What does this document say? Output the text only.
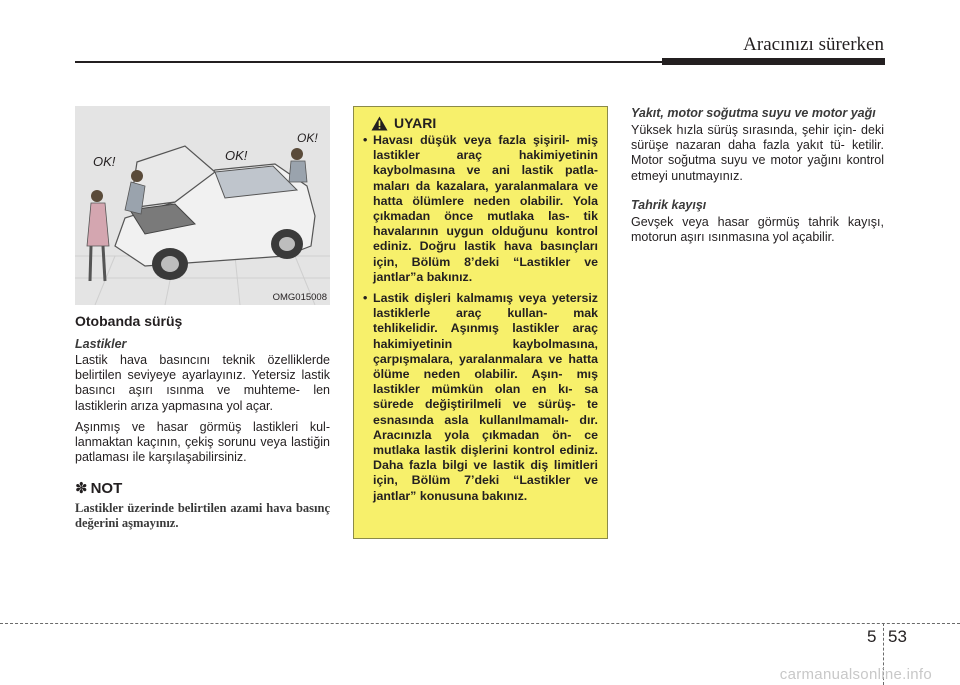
Aracınızı sürerken
OK!	OK!
OK!
OMG015008
Otobanda sürüş
Lastikler

Lastik hava basıncını teknik özelliklerde belirtilen seviyeye ayarlayınız. Yetersiz lastik basıncı aşırı ısınma ve muhteme- len lastiklerin arıza yapmasına yol açar.

Aşınmış ve hasar görmüş lastikleri kul- lanmaktan kaçının, çekiş sorunu veya lastiğin patlaması ile karşılaşabilirsiniz.

✽ NOT

Lastikler üzerinde belirtilen azami hava basınç değerini aşmayınız.

UYARI
• Havası düşük veya fazla şişiril- miş lastikler araç hakimiyetinin kaybolmasına ve ani lastik patla- maları da kazalara, yaralanmalara ve hatta ölümlere neden olabilir. Yola çıkmadan önce mutlaka las- tik havalarının uygun olduğunu kontrol ediniz. Doğru lastik hava basınçları için, Bölüm 8’deki “Lastikler ve jantlar”a bakınız.
• Lastik dişleri kalmamış veya yetersiz lastiklerle araç kullan- mak tehlikelidir. Aşınmış lastikler araç hakimiyetinin kaybolmasına, çarpışmalara, yaralanmalara ve hatta ölüme neden olabilir. Aşın- mış lastikler mümkün olan en kı- sa sürede değiştirilmeli ve sürüş- te esnasında asla kullanılmamalı- dır. Aracınızla yola çıkmadan ön- ce mutlaka lastik dişlerini kontrol ediniz. Daha fazla bilgi ve lastik diş limitleri için, Bölüm 7’deki “Lastikler ve jantlar” konusuna bakınız.
Yakıt, motor soğutma suyu ve motor yağı

Yüksek hızla sürüş sırasında, şehir için- deki sürüşe nazaran daha fazla yakıt tü- ketilir. Motor soğutma suyu ve motor yağını kontrol etmeyi unutmayınız.

Tahrik kayışı

Gevşek veya hasar görmüş tahrik kayışı, motorun aşırı ısınmasına yol açabilir.

5 53
carmanualsonline.info
